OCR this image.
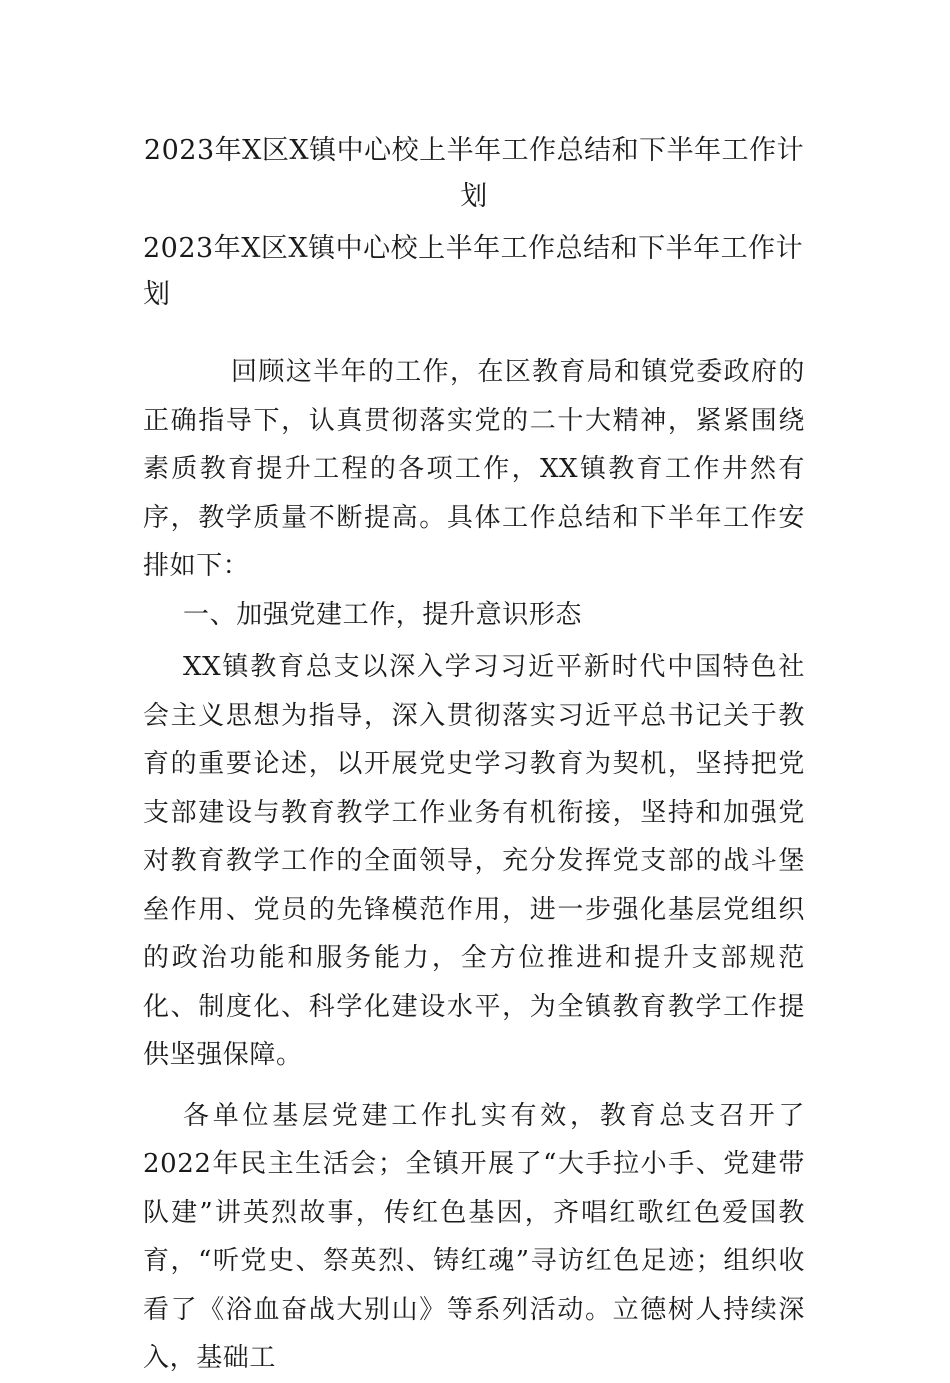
2023年X区X镇中心校上半年工作总结和下半年工作计划
2023年X区X镇中心校上半年工作总结和下半年工作计划

回顾这半年的工作，在区教育局和镇党委政府的正确指导下，认真贯彻落实党的二十大精神，紧紧围绕素质教育提升工程的各项工作，XX镇教育工作井然有序，教学质量不断提高。具体工作总结和下半年工作安排如下：

一、加强党建工作，提升意识形态

XX镇教育总支以深入学习习近平新时代中国特色社会主义思想为指导，深入贯彻落实习近平总书记关于教育的重要论述，以开展党史学习教育为契机，坚持把党支部建设与教育教学工作业务有机衔接，坚持和加强党对教育教学工作的全面领导，充分发挥党支部的战斗堡垒作用、党员的先锋模范作用，进一步强化基层党组织的政治功能和服务能力，全方位推进和提升支部规范化、制度化、科学化建设水平，为全镇教育教学工作提供坚强保障。

各单位基层党建工作扎实有效，教育总支召开了2022年民主生活会；全镇开展了“大手拉小手、党建带队建”讲英烈故事，传红色基因，齐唱红歌红色爱国教育，“听党史、祭英烈、铸红魂”寻访红色足迹；组织收看了《浴血奋战大别山》等系列活动。立德树人持续深入，基础工
